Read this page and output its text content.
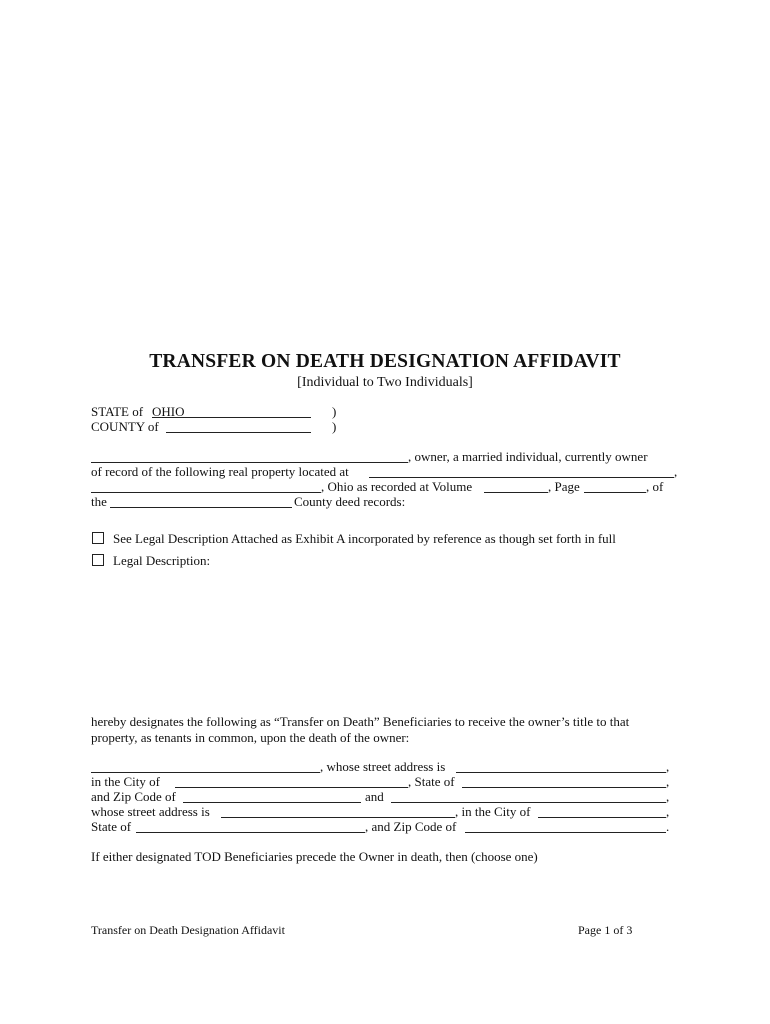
TRANSFER ON DEATH DESIGNATION AFFIDAVIT
[Individual to Two Individuals]
STATE of OHIO	)
COUNTY of	)
, owner, a married individual, currently owner
of record of the following real property located at	,
, Ohio as recorded at Volume	, Page	, of
the	County deed records:
See Legal Description Attached as Exhibit A incorporated by reference as though set forth in full
Legal Description:
hereby designates the following as “Transfer on Death” Beneficiaries to receive the owner’s title to that
property, as tenants in common, upon the death of the owner:
, whose street address is	,
in the City of	, State of	,
and Zip Code of	and	,
whose street address is	, in the City of	,
State of	, and Zip Code of	.
If either designated TOD Beneficiaries precede the Owner in death, then (choose one)
Transfer on Death Designation Affidavit	Page 1 of 3
